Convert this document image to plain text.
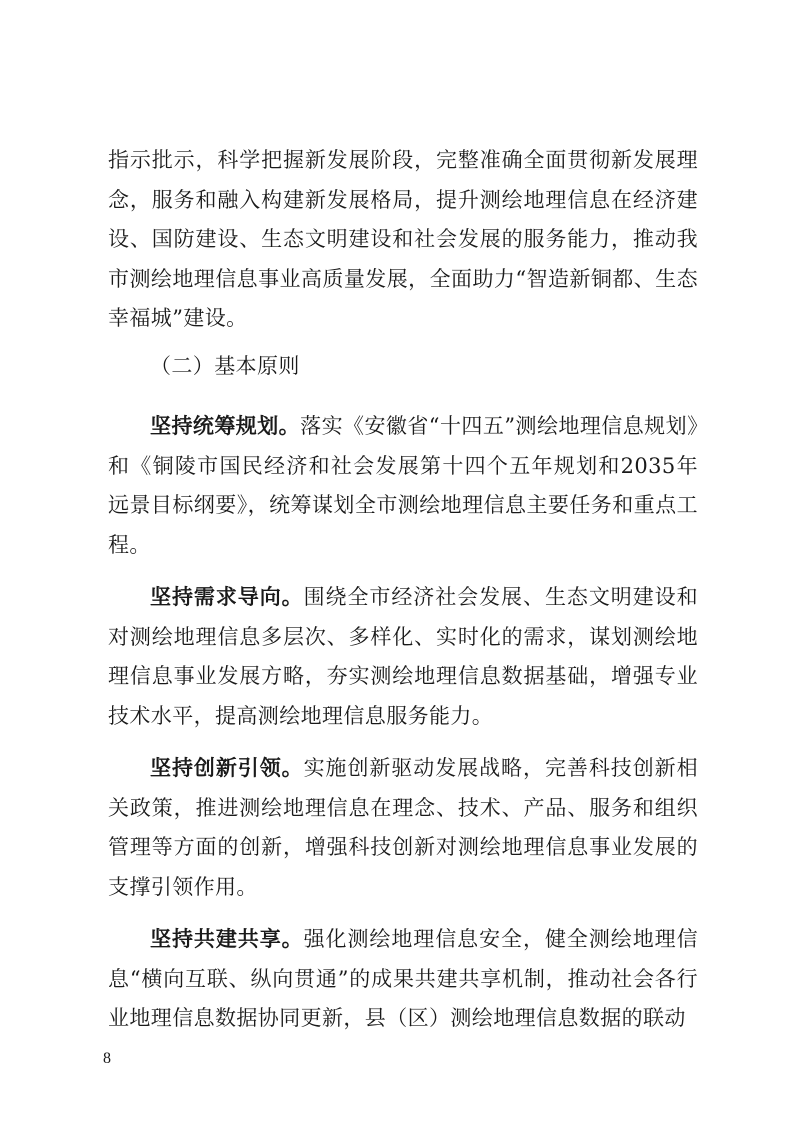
指示批示，科学把握新发展阶段，完整准确全面贯彻新发展理念，服务和融入构建新发展格局，提升测绘地理信息在经济建设、国防建设、生态文明建设和社会发展的服务能力，推动我市测绘地理信息事业高质量发展，全面助力“智造新铜都、生态幸福城”建设。

（二）基本原则

坚持统筹规划。落实《安徽省“十四五”测绘地理信息规划》和《铜陵市国民经济和社会发展第十四个五年规划和2035年远景目标纲要》，统筹谋划全市测绘地理信息主要任务和重点工程。

坚持需求导向。围绕全市经济社会发展、生态文明建设和对测绘地理信息多层次、多样化、实时化的需求，谋划测绘地理信息事业发展方略，夯实测绘地理信息数据基础，增强专业技术水平，提高测绘地理信息服务能力。

坚持创新引领。实施创新驱动发展战略，完善科技创新相关政策，推进测绘地理信息在理念、技术、产品、服务和组织管理等方面的创新，增强科技创新对测绘地理信息事业发展的支撑引领作用。

坚持共建共享。强化测绘地理信息安全，健全测绘地理信息“横向互联、纵向贯通”的成果共建共享机制，推动社会各行业地理信息数据协同更新，县（区）测绘地理信息数据的联动

8
